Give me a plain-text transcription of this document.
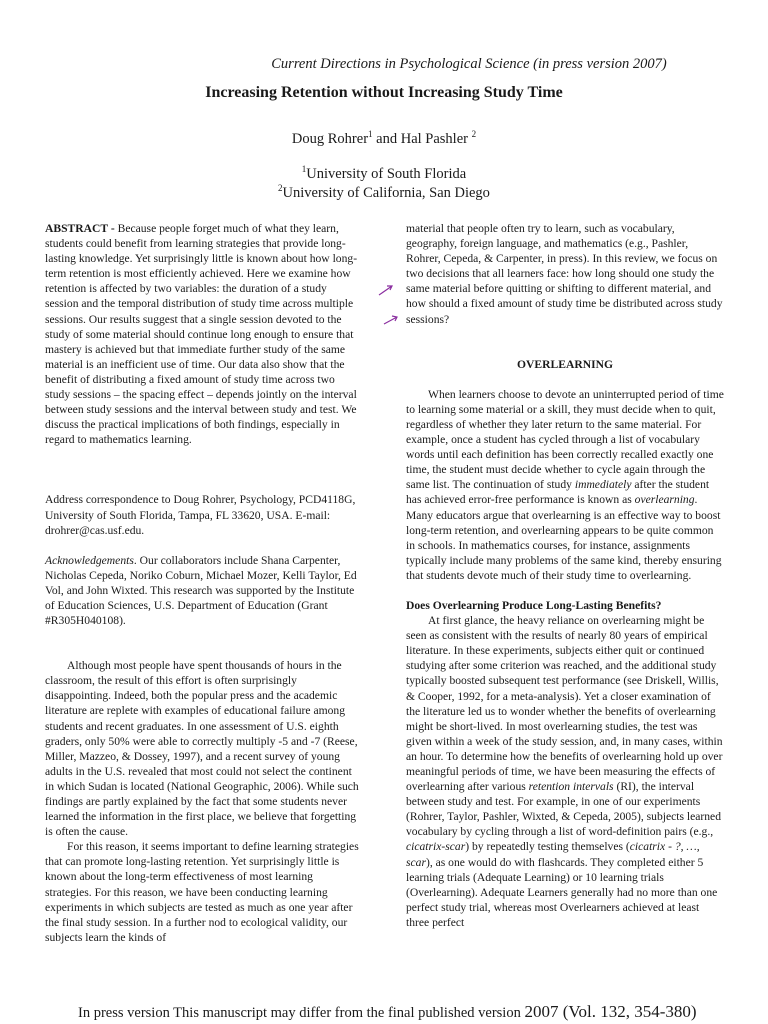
Current Directions in Psychological Science (in press version 2007)
Increasing Retention without Increasing Study Time
Doug Rohrer$^1$ and Hal Pashler $^2$
$^1$University of South Florida
$^2$University of California, San Diego

ABSTRACT - Because people forget much of what they learn, students could benefit from learning strategies that provide long-lasting knowledge. Yet surprisingly little is known about how long-term retention is most efficiently achieved. Here we examine how retention is affected by two variables: the duration of a study session and the temporal distribution of study time across multiple sessions. Our results suggest that a single session devoted to the study of some material should continue long enough to ensure that mastery is achieved but that immediate further study of the same material is an inefficient use of time. Our data also show that the benefit of distributing a fixed amount of study time across two study sessions – the spacing effect – depends jointly on the interval between study sessions and the interval between study and test. We discuss the practical implications of both findings, especially in regard to mathematics learning.

Address correspondence to Doug Rohrer, Psychology, PCD4118G, University of South Florida, Tampa, FL 33620, USA. E-mail: drohrer@cas.usf.edu.

Acknowledgements. Our collaborators include Shana Carpenter, Nicholas Cepeda, Noriko Coburn, Michael Mozer, Kelli Taylor, Ed Vol, and John Wixted. This research was supported by the Institute of Education Sciences, U.S. Department of Education (Grant #R305H040108).

Although most people have spent thousands of hours in the classroom, the result of this effort is often surprisingly disappointing. Indeed, both the popular press and the academic literature are replete with examples of educational failure among students and recent graduates. In one assessment of U.S. eighth graders, only 50% were able to correctly multiply -5 and -7 (Reese, Miller, Mazzeo, & Dossey, 1997), and a recent survey of young adults in the U.S. revealed that most could not select the continent in which Sudan is located (National Geographic, 2006). While such findings are partly explained by the fact that some students never learned the information in the first place, we believe that forgetting is often the cause.

For this reason, it seems important to define learning strategies that can promote long-lasting retention. Yet surprisingly little is known about the long-term effectiveness of most learning strategies. For this reason, we have been conducting learning experiments in which subjects are tested as much as one year after the final study session. In a further nod to ecological validity, our subjects learn the kinds of

material that people often try to learn, such as vocabulary, geography, foreign language, and mathematics (e.g., Pashler, Rohrer, Cepeda, & Carpenter, in press). In this review, we focus on two decisions that all learners face: how long should one study the same material before quitting or shifting to different material, and how should a fixed amount of study time be distributed across study sessions?

OVERLEARNING

When learners choose to devote an uninterrupted period of time to learning some material or a skill, they must decide when to quit, regardless of whether they later return to the same material. For example, once a student has cycled through a list of vocabulary words until each definition has been correctly recalled exactly one time, the student must decide whether to cycle again through the same list. The continuation of study immediately after the student has achieved error-free performance is known as overlearning. Many educators argue that overlearning is an effective way to boost long-term retention, and overlearning appears to be quite common in schools. In mathematics courses, for instance, assignments typically include many problems of the same kind, thereby ensuring that students devote much of their study time to overlearning.

Does Overlearning Produce Long-Lasting Benefits?

At first glance, the heavy reliance on overlearning might be seen as consistent with the results of nearly 80 years of empirical literature. In these experiments, subjects either quit or continued studying after some criterion was reached, and the additional study typically boosted subsequent test performance (see Driskell, Willis, & Cooper, 1992, for a meta-analysis). Yet a closer examination of the literature led us to wonder whether the benefits of overlearning might be short-lived. In most overlearning studies, the test was given within a week of the study session, and, in many cases, within an hour. To determine how the benefits of overlearning hold up over meaningful periods of time, we have been measuring the effects of overlearning after various retention intervals (RI), the interval between study and test. For example, in one of our experiments (Rohrer, Taylor, Pashler, Wixted, & Cepeda, 2005), subjects learned vocabulary by cycling through a list of word-definition pairs (e.g., cicatrix-scar) by repeatedly testing themselves (cicatrix - ?, …, scar), as one would do with flashcards. They completed either 5 learning trials (Adequate Learning) or 10 learning trials (Overlearning). Adequate Learners generally had no more than one perfect study trial, whereas most Overlearners achieved at least three perfect

In press version This manuscript may differ from the final published version 2007 (Vol. 132, 354-380)
